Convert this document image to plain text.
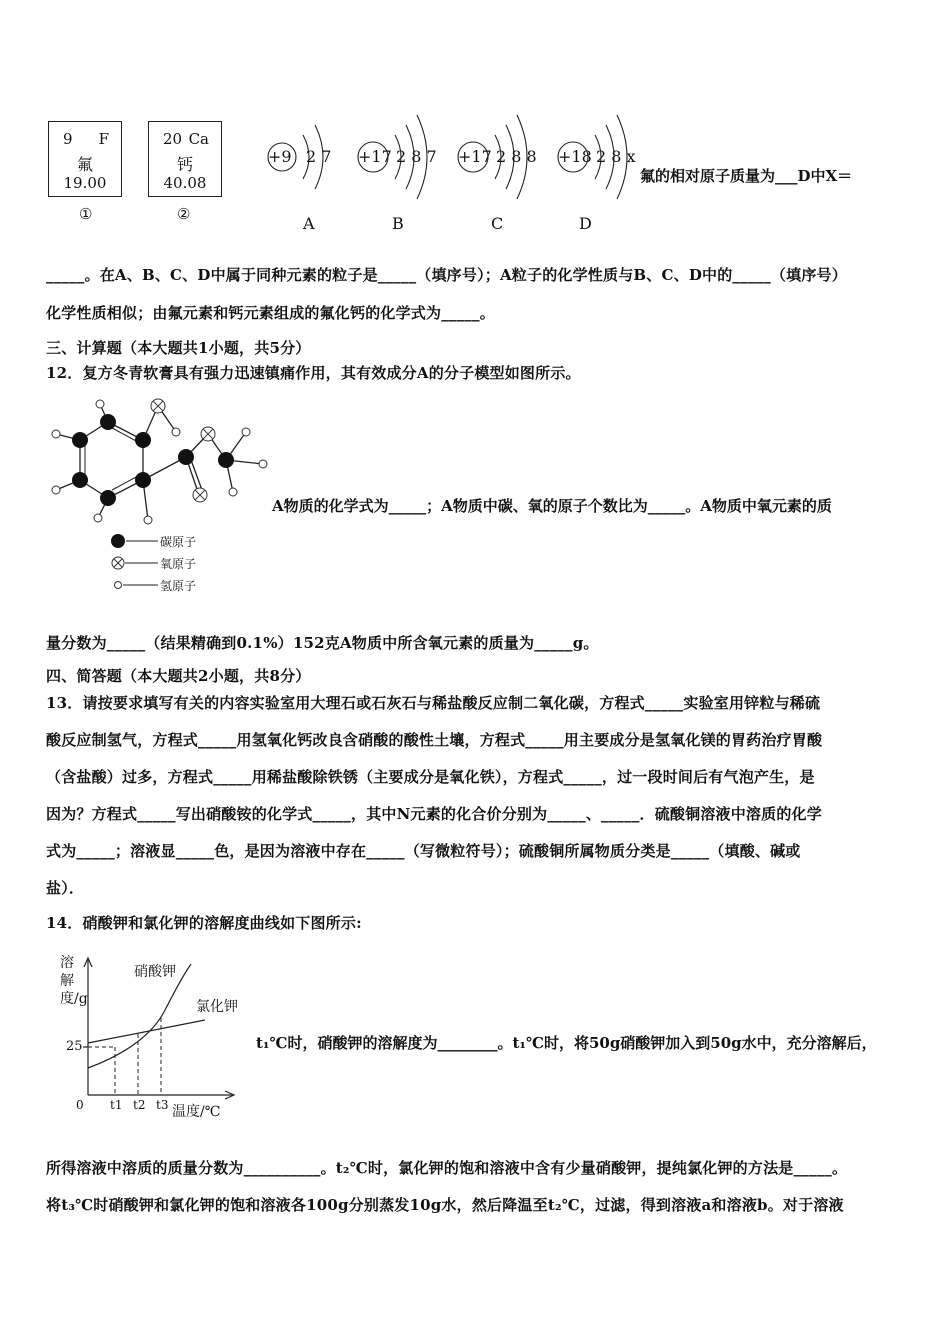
9 F
氟
19.00
①
20 Ca
钙
40.08
②
+9 2 7
A
+17 2 8 7
B
+17 2 8 8
C
+18 2 8 x
D
氟的相对原子质量为___D中X＝
_____。在A、B、C、D中属于同种元素的粒子是_____（填序号）；A粒子的化学性质与B、C、D中的_____（填序号）
化学性质相似；由氟元素和钙元素组成的氟化钙的化学式为_____。
三、计算题（本大题共1小题，共5分）
12．复方冬青软膏具有强力迅速镇痛作用，其有效成分A的分子模型如图所示。
碳原子
氧原子
氢原子
A物质的化学式为_____；A物质中碳、氧的原子个数比为_____。A物质中氧元素的质
量分数为_____（结果精确到0.1%）152克A物质中所含氧元素的质量为_____g。
四、简答题（本大题共2小题，共8分）
13．请按要求填写有关的内容实验室用大理石或石灰石与稀盐酸反应制二氧化碳，方程式_____实验室用锌粒与稀硫
酸反应制氢气，方程式_____用氢氧化钙改良含硝酸的酸性土壤，方程式_____用主要成分是氢氧化镁的胃药治疗胃酸
（含盐酸）过多，方程式_____用稀盐酸除铁锈（主要成分是氧化铁），方程式_____，过一段时间后有气泡产生，是
因为？方程式_____写出硝酸铵的化学式_____，其中N元素的化合价分别为_____、_____．硫酸铜溶液中溶质的化学
式为_____；溶液显_____色，是因为溶液中存在_____（写微粒符号）；硫酸铜所属物质分类是_____（填酸、碱或
盐）．
14．硝酸钾和氯化钾的溶解度曲线如下图所示:
溶解度/g
硝酸钾
氯化钾
25
0 t1 t2 t3 温度/℃
t₁℃时，硝酸钾的溶解度为________。t₁℃时，将50g硝酸钾加入到50g水中，充分溶解后，
所得溶液中溶质的质量分数为__________。t₂℃时，氯化钾的饱和溶液中含有少量硝酸钾，提纯氯化钾的方法是_____。
将t₃℃时硝酸钾和氯化钾的饱和溶液各100g分别蒸发10g水，然后降温至t₂℃，过滤，得到溶液a和溶液b。对于溶液
